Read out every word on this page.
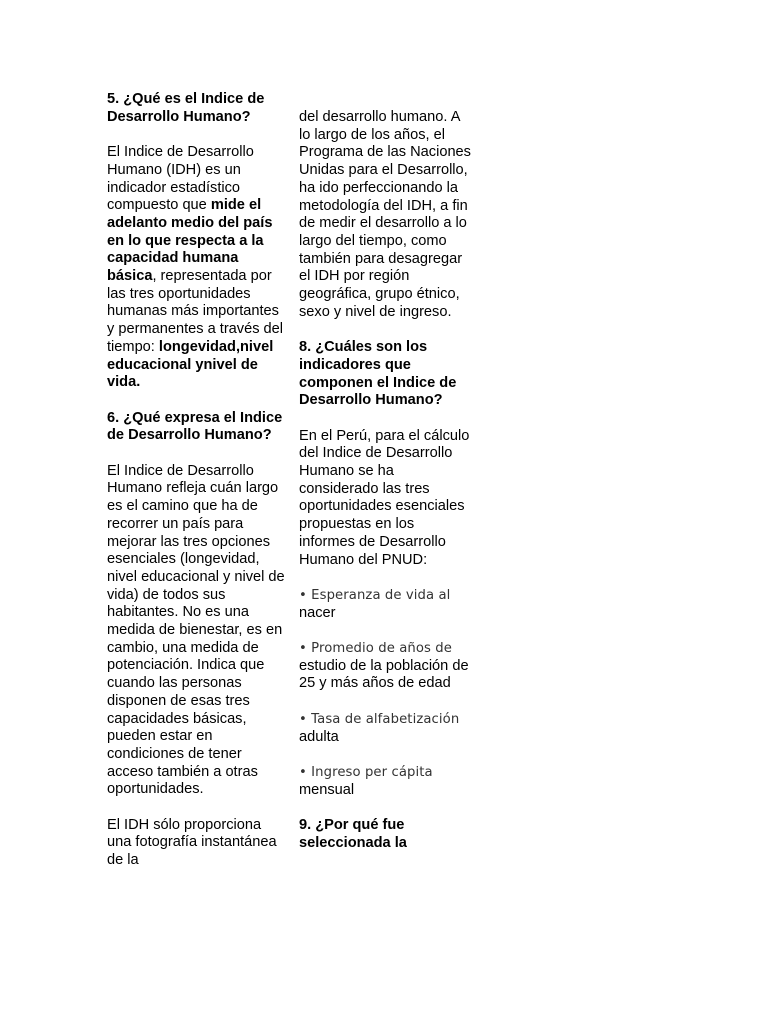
5. ¿Qué es el Indice de Desarrollo Humano?

El Indice de Desarrollo Humano (IDH) es un indicador estadístico compuesto que mide el adelanto medio del país en lo que respecta a la capacidad humana básica, representada por las tres oportunidades humanas más importantes y permanentes a través del tiempo: longevidad,nivel educacional ynivel de vida.

6. ¿Qué expresa el Indice de Desarrollo Humano?

El Indice de Desarrollo Humano refleja cuán largo es el camino que ha de recorrer un país para mejorar las tres opciones esenciales (longevidad, nivel educacional y nivel de vida) de todos sus habitantes. No es una medida de bienestar, es en cambio, una medida de potenciación. Indica que cuando las personas disponen de esas tres capacidades básicas, pueden estar en condiciones de tener acceso también a otras oportunidades.

El IDH sólo proporciona una fotografía instantánea de la

del desarrollo humano. A lo largo de los años, el Programa de las Naciones Unidas para el Desarrollo, ha ido perfeccionando la metodología del IDH, a fin de medir el desarrollo a lo largo del tiempo, como también para desagregar el IDH por región geográfica, grupo étnico, sexo y nivel de ingreso.

8. ¿Cuáles son los indicadores que componen el Indice de Desarrollo Humano?

En el Perú, para el cálculo del Indice de Desarrollo Humano se ha considerado las tres oportunidades esenciales propuestas en los informes de Desarrollo Humano del PNUD:

• Esperanza de vida al
nacer

• Promedio de años de
estudio de la población de 25 y más años de edad

• Tasa de alfabetización
adulta

• Ingreso per cápita
mensual

9. ¿Por qué fue seleccionada la
